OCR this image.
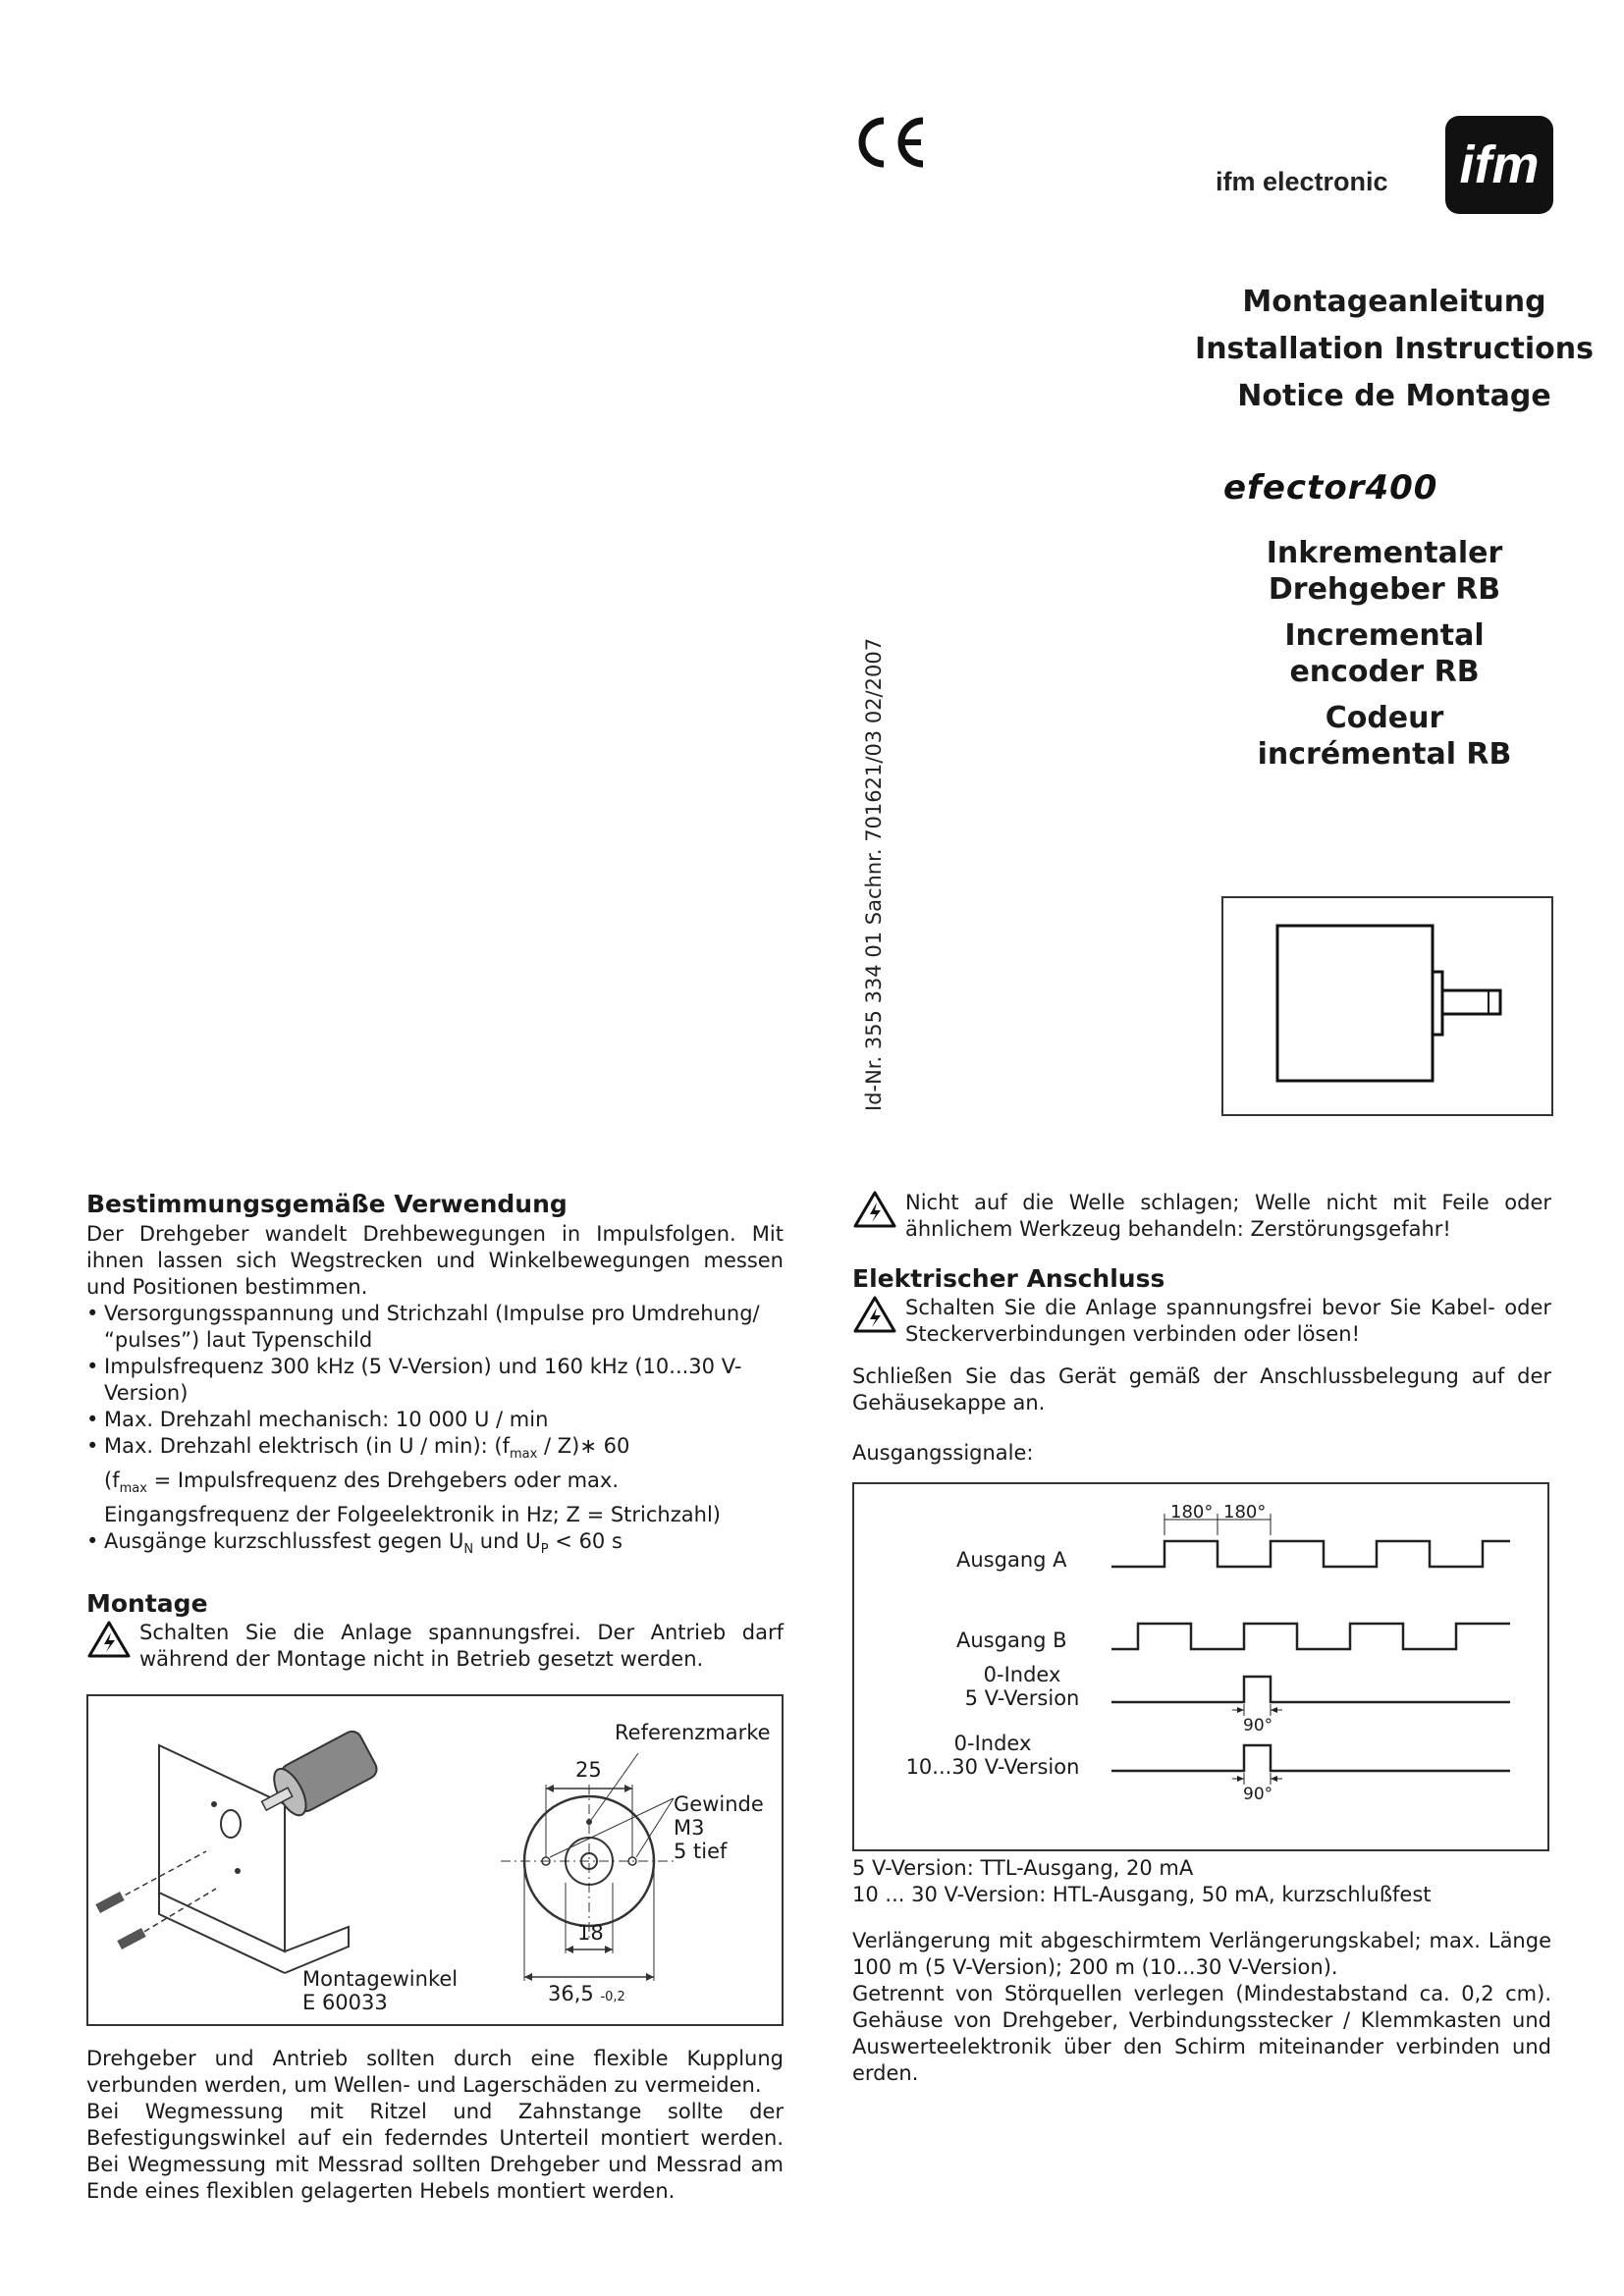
ifm electronic ifm
Montageanleitung
Installation Instructions
Notice de Montage
efector400
Inkrementaler
Drehgeber RB
Incremental
encoder RB
Codeur
incrémental RB
Id-Nr. 355 334 01 Sachnr. 701621/03 02/2007
Bestimmungsgemäße Verwendung

Der Drehgeber wandelt Drehbewegungen in Impulsfolgen. Mit ihnen lassen sich Wegstrecken und Winkelbewegungen messen und Positionen bestimmen.

• Versorgungsspannung und Strichzahl (Impulse pro Umdrehung/ “pulses”) laut Typenschild
• Impulsfrequenz 300 kHz (5 V-Version) und 160 kHz (10...30 V-Version)
• Max. Drehzahl mechanisch: 10 000 U / min
• Max. Drehzahl elektrisch (in U / min): ($f_{max}$ / Z)∗ 60

($f_{max}$ = Impulsfrequenz des Drehgebers oder max. Eingangsfrequenz der Folgeelektronik in Hz; Z = Strichzahl)

• Ausgänge kurzschlussfest gegen $U_N$ und $U_P < 60$ s
Montage

Schalten Sie die Anlage spannungsfrei. Der Antrieb darf während der Montage nicht in Betrieb gesetzt werden.

Referenzmarke
25
Gewinde
M3
5 tief
18
36,5 -0,2
Montagewinkel
E 60033

Drehgeber und Antrieb sollten durch eine flexible Kupplung verbunden werden, um Wellen- und Lagerschäden zu vermeiden.

Bei Wegmessung mit Ritzel und Zahnstange sollte der Befestigungswinkel auf ein federndes Unterteil montiert werden. Bei Wegmessung mit Messrad sollten Drehgeber und Messrad am Ende eines flexiblen gelagerten Hebels montiert werden.

Nicht auf die Welle schlagen; Welle nicht mit Feile oder ähnlichem Werkzeug behandeln: Zerstörungsgefahr!

Elektrischer Anschluss

Schalten Sie die Anlage spannungsfrei bevor Sie Kabel- oder Steckerverbindungen verbinden oder lösen!

Schließen Sie das Gerät gemäß der Anschlussbelegung auf der Gehäusekappe an.

Ausgangssignale:

Ausgang A
Ausgang B
0-Index
5 V-Version
0-Index
10...30 V-Version
180° 180°
90°
90°

5 V-Version: TTL-Ausgang, 20 mA

10 ... 30 V-Version: HTL-Ausgang, 50 mA, kurzschlußfest

Verlängerung mit abgeschirmtem Verlängerungskabel; max. Länge 100 m (5 V-Version); 200 m (10...30 V-Version).

Getrennt von Störquellen verlegen (Mindestabstand ca. 0,2 cm). Gehäuse von Drehgeber, Verbindungsstecker / Klemmkasten und Auswerteelektronik über den Schirm miteinander verbinden und erden.
